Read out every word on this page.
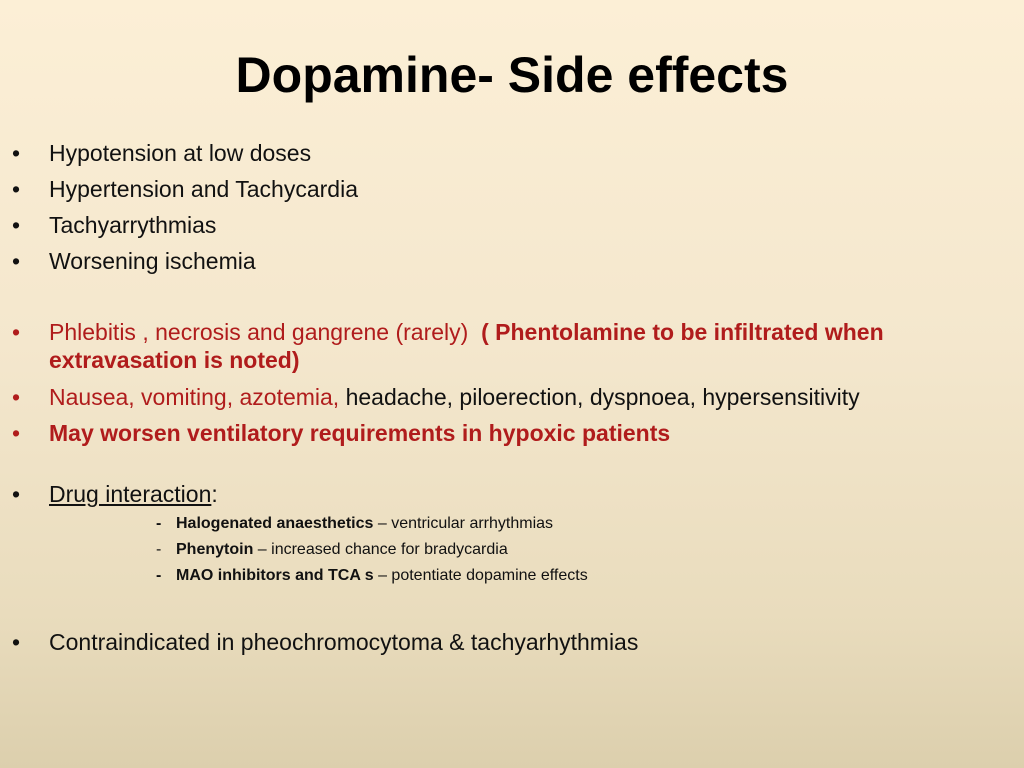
Dopamine- Side effects
•	Hypotension at low doses
•	Hypertension and Tachycardia
•	Tachyarrythmias
•	Worsening ischemia
•	Phlebitis , necrosis and gangrene (rarely) ( Phentolamine to be infiltrated when extravasation is noted)
•	Nausea, vomiting, azotemia, headache, piloerection, dyspnoea, hypersensitivity
•	May worsen ventilatory requirements in hypoxic patients
•	Drug interaction:
•	Contraindicated in pheochromocytoma & tachyarhythmias
- Halogenated anaesthetics – ventricular arrhythmias
- Phenytoin – increased chance for bradycardia
- MAO inhibitors and TCA s – potentiate dopamine effects
